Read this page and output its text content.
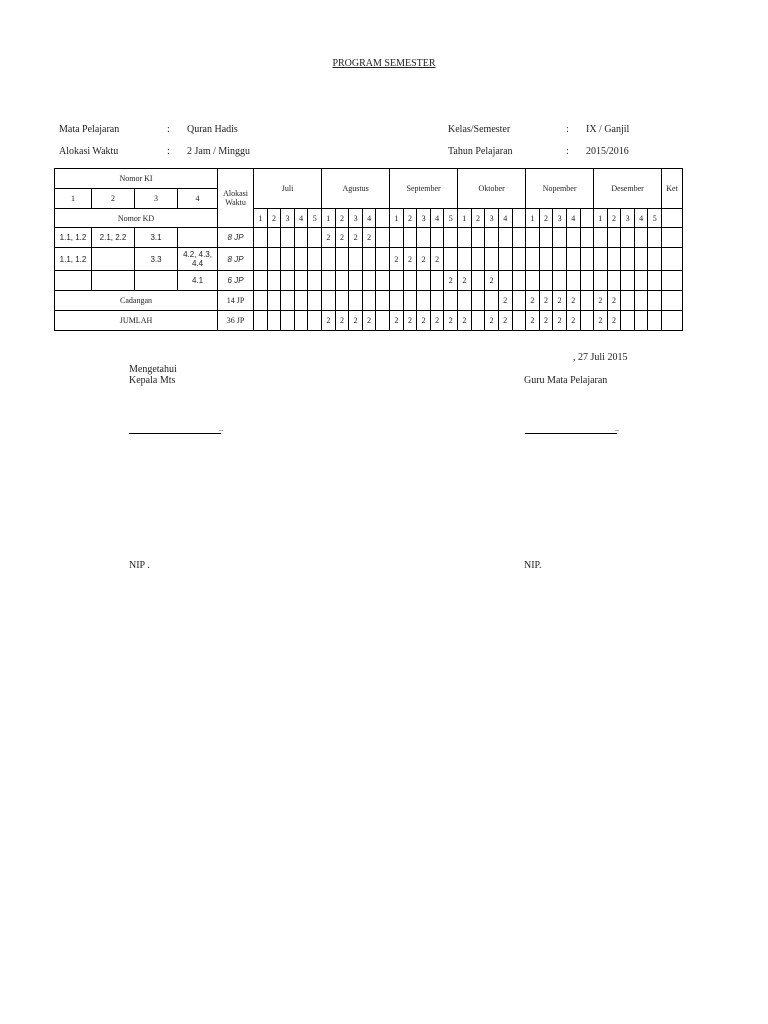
PROGRAM SEMESTER
Mata Pelajaran	: Quran Hadis
Alokasi Waktu	: 2 Jam / Minggu
Kelas/Semester	: IX / Ganjil
Tahun Pelajaran	: 2015/2016
Nomor KI				Alokasi Waktu	Juli					Agustus					September					Oktober					Nopember					Desember					Ket
1	2	3	4																																
Nomor KD					1	2	3	4	5	1	2	3	4		1	2	3	4	5	1	2	3	4		1	2	3	4		1	2	3	4	5	
1.1, 1.2	2.1, 2.2	3.1		8 JP						2	2	2	2																						
1.1, 1.2		3.3	4.2, 4.3, 4.4	8 JP											2	2	2	2																	
			4.1	6 JP															2	2		2													
Cadangan				14 JP																			2		2	2	2	2		2	2				
JUMLAH				36 JP						2	2	2	2		2	2	2	2	2	2		2	2		2	2	2	2		2	2				
, 27 Juli 2015
Mengetahui
Kepala Mts	Guru Mata Pelajaran
..	..
NIP .	NIP.
